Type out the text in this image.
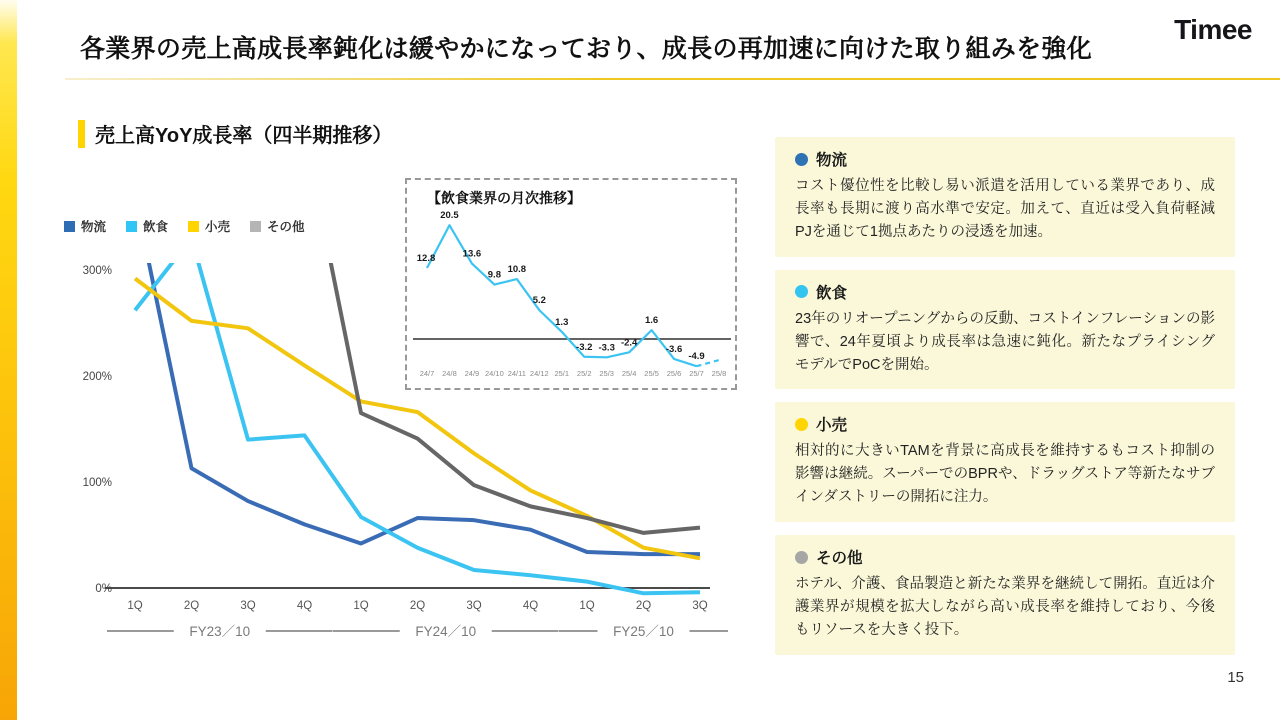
各業界の売上高成長率鈍化は緩やかになっており、成長の再加速に向けた取り組みを強化
Timee
売上高YoY成長率（四半期推移）
物流	飲食	小売	その他
0%
100%
200%
300%
1Q	2Q	3Q	4Q	1Q	2Q	3Q	4Q	1Q	2Q	3Q
FY23／10	FY24／10	FY25／10
【飲食業界の月次推移】
12.8
20.5
13.6
9.8
10.8
5.2
1.3
-3.2 -3.3 -2.4
1.6
-3.6
-4.9
24/7 24/8 24/9 24/10 24/11 24/12 25/1 25/2 25/3 25/4 25/5 25/6 25/7 25/8
物流

コスト優位性を比較し易い派遣を活用している業界であり、成長率も長期に渡り高水準で安定。加えて、直近は受入負荷軽減PJを通じて1拠点あたりの浸透を加速。

飲食

23年のリオープニングからの反動、コストインフレーションの影響で、24年夏頃より成長率は急速に鈍化。新たなプライシングモデルでPoCを開始。

小売

相対的に大きいTAMを背景に高成長を維持するもコスト抑制の影響は継続。スーパーでのBPRや、ドラッグストア等新たなサブインダストリーの開拓に注力。

その他

ホテル、介護、食品製造と新たな業界を継続して開拓。直近は介護業界が規模を拡大しながら高い成長率を維持しており、今後もリソースを大きく投下。

15
